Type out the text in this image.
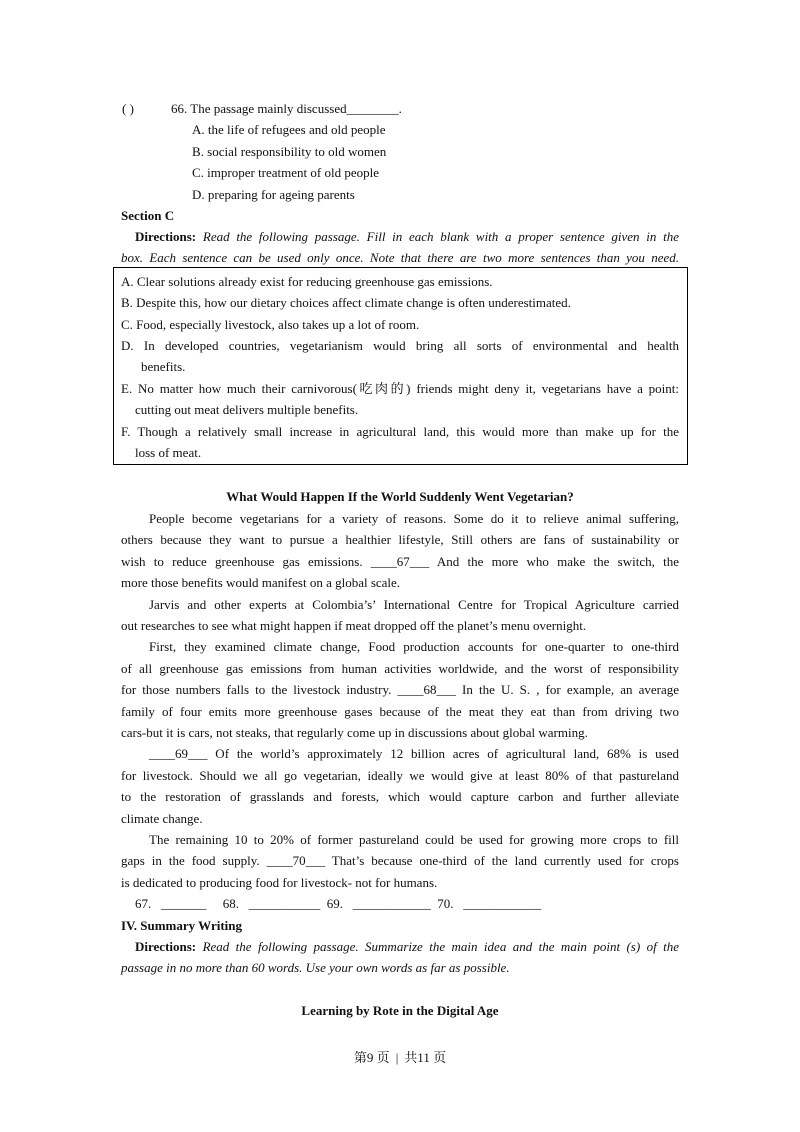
( )	66. The passage mainly discussed________.
A. the life of refugees and old people
B. social responsibility to old women
C. improper treatment of old people
D. preparing for ageing parents
Section C
Directions: Read the following passage. Fill in each blank with a proper sentence given in the
box. Each sentence can be used only once. Note that there are two more sentences than you need.
A. Clear solutions already exist for reducing greenhouse gas emissions.
B. Despite this, how our dietary choices affect climate change is often underestimated.
C. Food, especially livestock, also takes up a lot of room.
D. In developed countries, vegetarianism would bring all sorts of environmental and health
benefits.
E. No matter how much their carnivorous(吃肉的) friends might deny it, vegetarians have a point:
cutting out meat delivers multiple benefits.
F. Though a relatively small increase in agricultural land, this would more than make up for the
loss of meat.
What Would Happen If the World Suddenly Went Vegetarian?
People become vegetarians for a variety of reasons. Some do it to relieve animal suffering,
others because they want to pursue a healthier lifestyle, Still others are fans of sustainability or
wish to reduce greenhouse gas emissions. ____67___ And the more who make the switch, the
more those benefits would manifest on a global scale.
Jarvis and other experts at Colombia’s’ International Centre for Tropical Agriculture carried
out researches to see what might happen if meat dropped off the planet’s menu overnight.
First, they examined climate change, Food production accounts for one-quarter to one-third
of all greenhouse gas emissions from human activities worldwide, and the worst of responsibility
for those numbers falls to the livestock industry. ____68___ In the U. S. , for example, an average
family of four emits more greenhouse gases because of the meat they eat than from driving two
cars-but it is cars, not steaks, that regularly come up in discussions about global warming.
____69___ Of the world’s approximately 12 billion acres of agricultural land, 68% is used
for livestock. Should we all go vegetarian, ideally we would give at least 80% of that pastureland
to the restoration of grasslands and forests, which would capture carbon and further alleviate
climate change.
The remaining 10 to 20% of former pastureland could be used for growing more crops to fill
gaps in the food supply. ____70___ That’s because one-third of the land currently used for crops
is dedicated to producing food for livestock- not for humans.
67.   _______     68.   ___________  69.   ____________  70.   ____________
IV. Summary Writing
Directions: Read the following passage. Summarize the main idea and the main point (s) of the
passage in no more than 60 words. Use your own words as far as possible.
Learning by Rote in the Digital Age
第9 页 | 共11 页
